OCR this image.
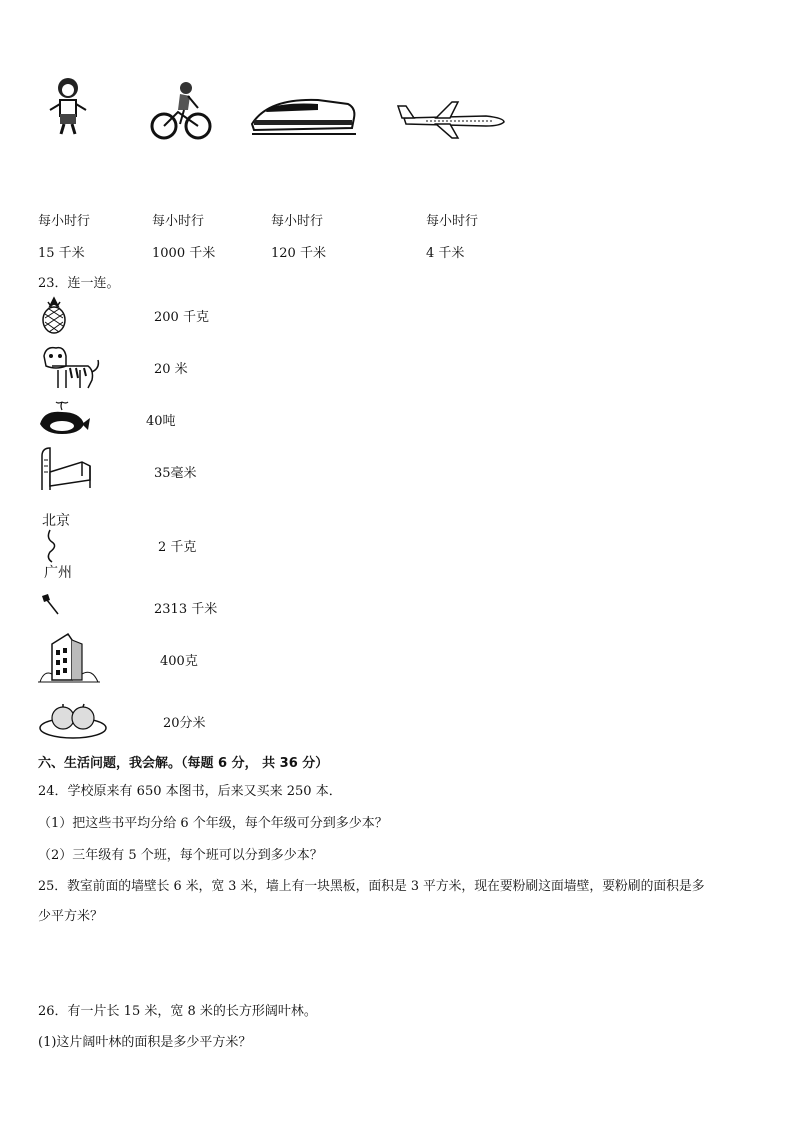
每小时行	每小时行	每小时行	每小时行
15 千米	1000 千米	120 千米	4 千米
23．连一连。
200 千克
20 米
40吨
35毫米
北京
广州
2 千克
2313 千米
400克
20分米
六、生活问题，我会解。（每题 6 分， 共 36 分）
24．学校原来有 650 本图书，后来又买来 250 本．
（1）把这些书平均分给 6 个年级，每个年级可分到多少本？
（2）三年级有 5 个班，每个班可以分到多少本？
25．教室前面的墙壁长 6 米，宽 3 米，墙上有一块黑板，面积是 3 平方米，现在要粉刷这面墙壁，要粉刷的面积是多
少平方米？
26．有一片长 15 米，宽 8 米的长方形阔叶林。
(1)这片阔叶林的面积是多少平方米？
